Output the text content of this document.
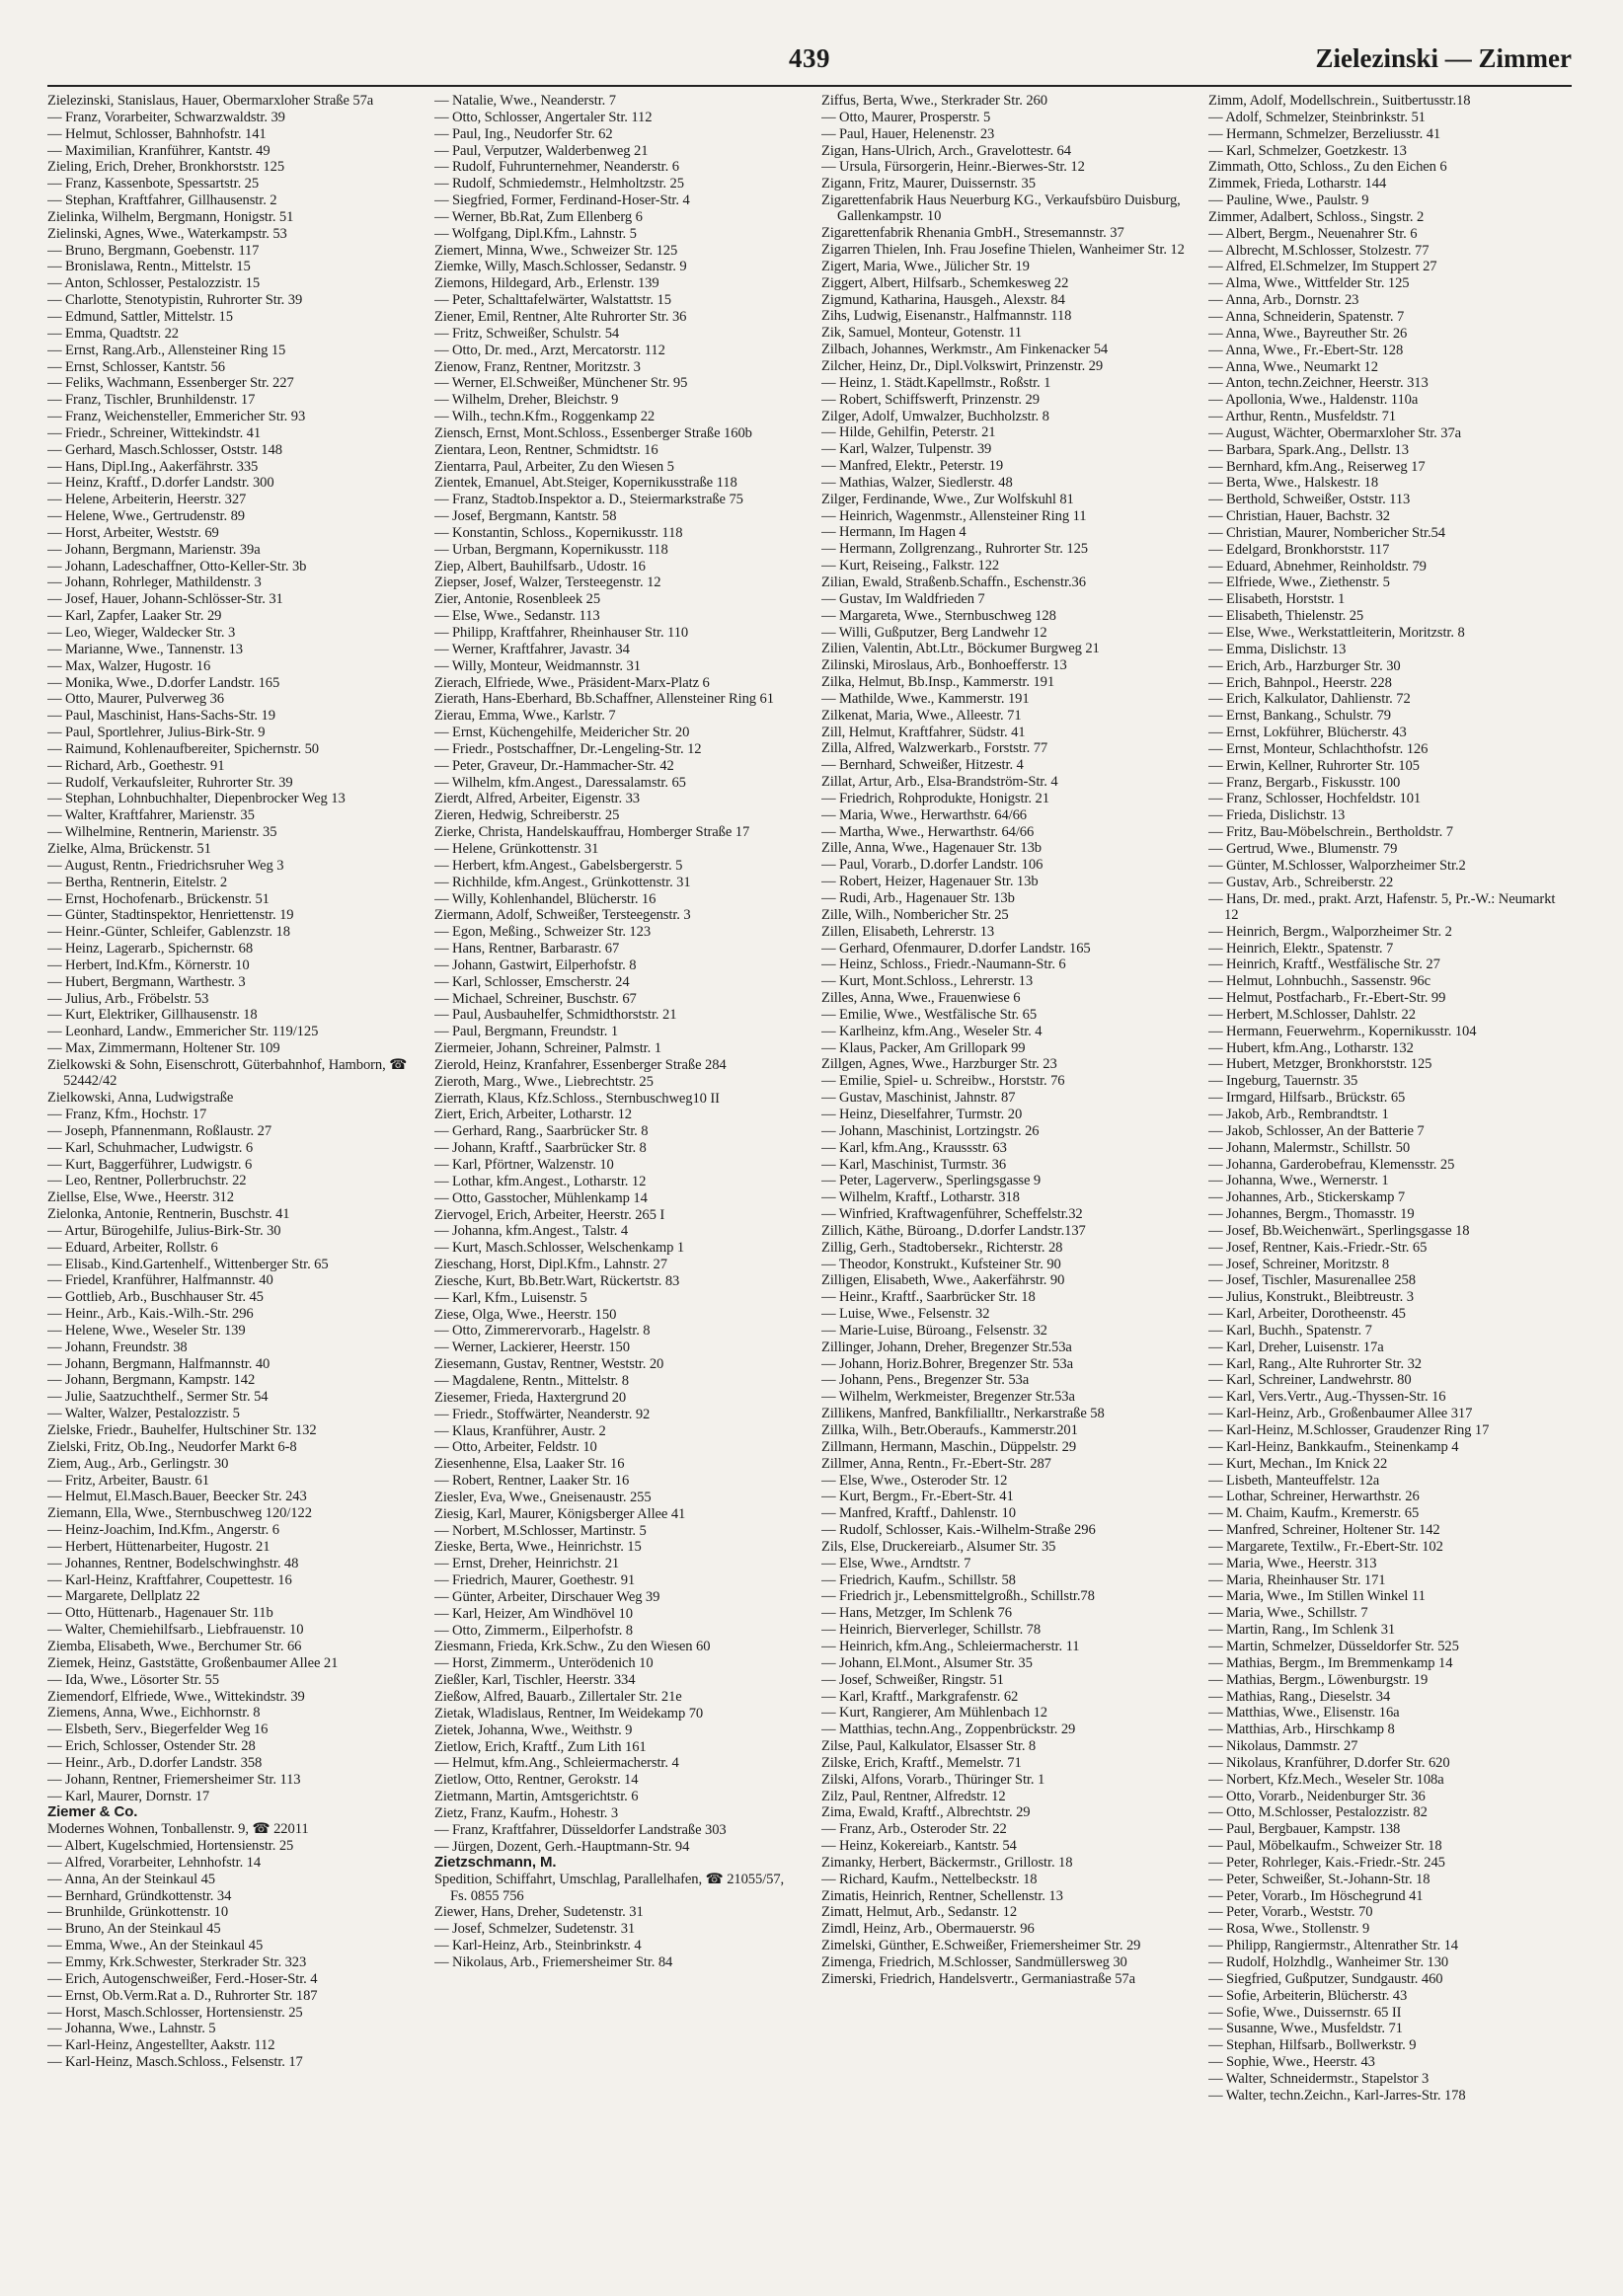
439	Zielezinski — Zimmer
Zielezinski, Stanislaus, Hauer, Obermarxloher Straße 57a
— Franz, Vorarbeiter, Schwarzwaldstr. 39
— Helmut, Schlosser, Bahnhofstr. 141
— Maximilian, Kranführer, Kantstr. 49
Zieling, Erich, Dreher, Bronkhorststr. 125
— Franz, Kassenbote, Spessartstr. 25
— Stephan, Kraftfahrer, Gillhausenstr. 2
Zielinka, Wilhelm, Bergmann, Honigstr. 51
Zielinski, Agnes, Wwe., Waterkampstr. 53
— Bruno, Bergmann, Goebenstr. 117
— Bronislawa, Rentn., Mittelstr. 15
— Anton, Schlosser, Pestalozzistr. 15
— Charlotte, Stenotypistin, Ruhrorter Str. 39
— Edmund, Sattler, Mittelstr. 15
— Emma, Quadtstr. 22
— Ernst, Rang.Arb., Allensteiner Ring 15
— Ernst, Schlosser, Kantstr. 56
— Feliks, Wachmann, Essenberger Str. 227
— Franz, Tischler, Brunhildenstr. 17
— Franz, Weichensteller, Emmericher Str. 93
— Friedr., Schreiner, Wittekindstr. 41
— Gerhard, Masch.Schlosser, Oststr. 148
— Hans, Dipl.Ing., Aakerfährstr. 335
— Heinz, Kraftf., D.dorfer Landstr. 300
— Helene, Arbeiterin, Heerstr. 327
— Helene, Wwe., Gertrudenstr. 89
— Horst, Arbeiter, Weststr. 69
— Johann, Bergmann, Marienstr. 39a
— Johann, Ladeschaffner, Otto-Keller-Str. 3b
— Johann, Rohrleger, Mathildenstr. 3
— Josef, Hauer, Johann-Schlösser-Str. 31
— Karl, Zapfer, Laaker Str. 29
— Leo, Wieger, Waldecker Str. 3
— Marianne, Wwe., Tannenstr. 13
— Max, Walzer, Hugostr. 16
— Monika, Wwe., D.dorfer Landstr. 165
— Otto, Maurer, Pulverweg 36
— Paul, Maschinist, Hans-Sachs-Str. 19
— Paul, Sportlehrer, Julius-Birk-Str. 9
— Raimund, Kohlenaufbereiter, Spichernstr. 50
— Richard, Arb., Goethestr. 91
— Rudolf, Verkaufsleiter, Ruhrorter Str. 39
— Stephan, Lohnbuchhalter, Diepenbrocker Weg 13
— Walter, Kraftfahrer, Marienstr. 35
— Wilhelmine, Rentnerin, Marienstr. 35
Zielke, Alma, Brückenstr. 51
— August, Rentn., Friedrichsruher Weg 3
— Bertha, Rentnerin, Eitelstr. 2
— Ernst, Hochofenarb., Brückenstr. 51
— Günter, Stadtinspektor, Henriettenstr. 19
— Heinr.-Günter, Schleifer, Gablenzstr. 18
— Heinz, Lagerarb., Spichernstr. 68
— Herbert, Ind.Kfm., Körnerstr. 10
— Hubert, Bergmann, Warthestr. 3
— Julius, Arb., Fröbelstr. 53
— Kurt, Elektriker, Gillhausenstr. 18
— Leonhard, Landw., Emmericher Str. 119/125
— Max, Zimmermann, Holtener Str. 109
Zielkowski & Sohn, Eisenschrott, Güterbahnhof, Hamborn, ☎ 52442/42
Zielkowski, Anna, Ludwigstraße
— Franz, Kfm., Hochstr. 17
— Joseph, Pfannenmann, Roßlaustr. 27
— Karl, Schuhmacher, Ludwigstr. 6
— Kurt, Baggerführer, Ludwigstr. 6
— Leo, Rentner, Pollerbruchstr. 22
Ziellse, Else, Wwe., Heerstr. 312
Zielonka, Antonie, Rentnerin, Buschstr. 41
— Artur, Bürogehilfe, Julius-Birk-Str. 30
— Eduard, Arbeiter, Rollstr. 6
— Elisab., Kind.Gartenhelf., Wittenberger Str. 65
— Friedel, Kranführer, Halfmannstr. 40
— Gottlieb, Arb., Buschhauser Str. 45
— Heinr., Arb., Kais.-Wilh.-Str. 296
— Helene, Wwe., Weseler Str. 139
— Johann, Freundstr. 38
— Johann, Bergmann, Halfmannstr. 40
— Johann, Bergmann, Kampstr. 142
— Julie, Saatzuchthelf., Sermer Str. 54
— Walter, Walzer, Pestalozzistr. 5
Zielske, Friedr., Bauhelfer, Hultschiner Str. 132
Zielski, Fritz, Ob.Ing., Neudorfer Markt 6-8
Ziem, Aug., Arb., Gerlingstr. 30
— Fritz, Arbeiter, Baustr. 61
— Helmut, El.Masch.Bauer, Beecker Str. 243
Ziemann, Ella, Wwe., Sternbuschweg 120/122
— Heinz-Joachim, Ind.Kfm., Angerstr. 6
— Herbert, Hüttenarbeiter, Hugostr. 21
— Johannes, Rentner, Bodelschwinghstr. 48
— Karl-Heinz, Kraftfahrer, Coupettestr. 16
— Margarete, Dellplatz 22
— Otto, Hüttenarb., Hagenauer Str. 11b
— Walter, Chemiehilfsarb., Liebfrauenstr. 10
Ziemba, Elisabeth, Wwe., Berchumer Str. 66
Ziemek, Heinz, Gaststätte, Großenbaumer Allee 21
— Ida, Wwe., Lösorter Str. 55
Ziemendorf, Elfriede, Wwe., Wittekindstr. 39
Ziemens, Anna, Wwe., Eichhornstr. 8
— Elsbeth, Serv., Biegerfelder Weg 16
— Erich, Schlosser, Ostender Str. 28
— Heinr., Arb., D.dorfer Landstr. 358
— Johann, Rentner, Friemersheimer Str. 113
— Karl, Maurer, Dornstr. 17
Ziemer & Co.
Modernes Wohnen, Tonballenstr. 9, ☎ 22011
— Albert, Kugelschmied, Hortensienstr. 25
— Alfred, Vorarbeiter, Lehnhofstr. 14
— Anna, An der Steinkaul 45
— Bernhard, Gründkottenstr. 34
— Brunhilde, Grünkottenstr. 10
— Bruno, An der Steinkaul 45
— Emma, Wwe., An der Steinkaul 45
— Emmy, Krk.Schwester, Sterkrader Str. 323
— Erich, Autogenschweißer, Ferd.-Hoser-Str. 4
— Ernst, Ob.Verm.Rat a. D., Ruhrorter Str. 187
— Horst, Masch.Schlosser, Hortensienstr. 25
— Johanna, Wwe., Lahnstr. 5
— Karl-Heinz, Angestellter, Aakstr. 112
— Karl-Heinz, Masch.Schloss., Felsenstr. 17
— Natalie, Wwe., Neanderstr. 7
— Otto, Schlosser, Angertaler Str. 112
— Paul, Ing., Neudorfer Str. 62
— Paul, Verputzer, Walderbenweg 21
— Rudolf, Fuhrunternehmer, Neanderstr. 6
— Rudolf, Schmiedemstr., Helmholtzstr. 25
— Siegfried, Former, Ferdinand-Hoser-Str. 4
— Werner, Bb.Rat, Zum Ellenberg 6
— Wolfgang, Dipl.Kfm., Lahnstr. 5
Ziemert, Minna, Wwe., Schweizer Str. 125
Ziemke, Willy, Masch.Schlosser, Sedanstr. 9
Ziemons, Hildegard, Arb., Erlenstr. 139
— Peter, Schalttafelwärter, Walstattstr. 15
Ziener, Emil, Rentner, Alte Ruhrorter Str. 36
— Fritz, Schweißer, Schulstr. 54
— Otto, Dr. med., Arzt, Mercatorstr. 112
Zienow, Franz, Rentner, Moritzstr. 3
— Werner, El.Schweißer, Münchener Str. 95
— Wilhelm, Dreher, Bleichstr. 9
— Wilh., techn.Kfm., Roggenkamp 22
Ziensch, Ernst, Mont.Schloss., Essenberger Straße 160b
Zientara, Leon, Rentner, Schmidtstr. 16
Zientarra, Paul, Arbeiter, Zu den Wiesen 5
Zientek, Emanuel, Abt.Steiger, Kopernikusstraße 118
— Franz, Stadtob.Inspektor a. D., Steiermarkstraße 75
— Josef, Bergmann, Kantstr. 58
— Konstantin, Schloss., Kopernikusstr. 118
— Urban, Bergmann, Kopernikusstr. 118
Ziep, Albert, Bauhilfsarb., Udostr. 16
Ziepser, Josef, Walzer, Tersteegenstr. 12
Zier, Antonie, Rosenbleek 25
— Else, Wwe., Sedanstr. 113
— Philipp, Kraftfahrer, Rheinhauser Str. 110
— Werner, Kraftfahrer, Javastr. 34
— Willy, Monteur, Weidmannstr. 31
Zierach, Elfriede, Wwe., Präsident-Marx-Platz 6
Zierath, Hans-Eberhard, Bb.Schaffner, Allensteiner Ring 61
Zierau, Emma, Wwe., Karlstr. 7
— Ernst, Küchengehilfe, Meidericher Str. 20
— Friedr., Postschaffner, Dr.-Lengeling-Str. 12
— Peter, Graveur, Dr.-Hammacher-Str. 42
— Wilhelm, kfm.Angest., Daressalamstr. 65
Zierdt, Alfred, Arbeiter, Eigenstr. 33
Zieren, Hedwig, Schreiberstr. 25
Zierke, Christa, Handelskauffrau, Homberger Straße 17
— Helene, Grünkottenstr. 31
— Herbert, kfm.Angest., Gabelsbergerstr. 5
— Richhilde, kfm.Angest., Grünkottenstr. 31
— Willy, Kohlenhandel, Blücherstr. 16
Ziermann, Adolf, Schweißer, Tersteegenstr. 3
— Egon, Meßing., Schweizer Str. 123
— Hans, Rentner, Barbarastr. 67
— Johann, Gastwirt, Eilperhofstr. 8
— Karl, Schlosser, Emscherstr. 24
— Michael, Schreiner, Buschstr. 67
— Paul, Ausbauhelfer, Schmidthorststr. 21
— Paul, Bergmann, Freundstr. 1
Ziermeier, Johann, Schreiner, Palmstr. 1
Zierold, Heinz, Kranfahrer, Essenberger Straße 284
Zieroth, Marg., Wwe., Liebrechtstr. 25
Zierrath, Klaus, Kfz.Schloss., Sternbuschweg10 II
Ziert, Erich, Arbeiter, Lotharstr. 12
— Gerhard, Rang., Saarbrücker Str. 8
— Johann, Kraftf., Saarbrücker Str. 8
— Karl, Pförtner, Walzenstr. 10
— Lothar, kfm.Angest., Lotharstr. 12
— Otto, Gasstocher, Mühlenkamp 14
Ziervogel, Erich, Arbeiter, Heerstr. 265 I
— Johanna, kfm.Angest., Talstr. 4
— Kurt, Masch.Schlosser, Welschenkamp 1
Zieschang, Horst, Dipl.Kfm., Lahnstr. 27
Ziesche, Kurt, Bb.Betr.Wart, Rückertstr. 83
— Karl, Kfm., Luisenstr. 5
Ziese, Olga, Wwe., Heerstr. 150
— Otto, Zimmerervorarb., Hagelstr. 8
— Werner, Lackierer, Heerstr. 150
Ziesemann, Gustav, Rentner, Weststr. 20
— Magdalene, Rentn., Mittelstr. 8
Ziesemer, Frieda, Haxtergrund 20
— Friedr., Stoffwärter, Neanderstr. 92
— Klaus, Kranführer, Austr. 2
— Otto, Arbeiter, Feldstr. 10
Ziesenhenne, Elsa, Laaker Str. 16
— Robert, Rentner, Laaker Str. 16
Ziesler, Eva, Wwe., Gneisenaustr. 255
Ziesig, Karl, Maurer, Königsberger Allee 41
— Norbert, M.Schlosser, Martinstr. 5
Zieske, Berta, Wwe., Heinrichstr. 15
— Ernst, Dreher, Heinrichstr. 21
— Friedrich, Maurer, Goethestr. 91
— Günter, Arbeiter, Dirschauer Weg 39
— Karl, Heizer, Am Windhövel 10
— Otto, Zimmerm., Eilperhofstr. 8
Ziesmann, Frieda, Krk.Schw., Zu den Wiesen 60
— Horst, Zimmerm., Unterödenich 10
Zießler, Karl, Tischler, Heerstr. 334
Zießow, Alfred, Bauarb., Zillertaler Str. 21e
Zietak, Wladislaus, Rentner, Im Weidekamp 70
Zietek, Johanna, Wwe., Weithstr. 9
Zietlow, Erich, Kraftf., Zum Lith 161
— Helmut, kfm.Ang., Schleiermacherstr. 4
Zietlow, Otto, Rentner, Gerokstr. 14
Zietmann, Martin, Amtsgerichtstr. 6
Zietz, Franz, Kaufm., Hohestr. 3
— Franz, Kraftfahrer, Düsseldorfer Landstraße 303
— Jürgen, Dozent, Gerh.-Hauptmann-Str. 94
Zietzschmann, M.
Spedition, Schiffahrt, Umschlag, Parallelhafen, ☎ 21055/57, Fs. 0855 756
Ziewer, Hans, Dreher, Sudetenstr. 31
— Josef, Schmelzer, Sudetenstr. 31
— Karl-Heinz, Arb., Steinbrinkstr. 4
— Nikolaus, Arb., Friemersheimer Str. 84
Ziffus, Berta, Wwe., Sterkrader Str. 260
— Otto, Maurer, Prosperstr. 5
— Paul, Hauer, Helenenstr. 23
Zigan, Hans-Ulrich, Arch., Gravelottestr. 64
— Ursula, Fürsorgerin, Heinr.-Bierwes-Str. 12
Zigann, Fritz, Maurer, Duissernstr. 35
Zigarettenfabrik Haus Neuerburg KG., Verkaufsbüro Duisburg, Gallenkampstr. 10
Zigarettenfabrik Rhenania GmbH., Stresemannstr. 37
Zigarren Thielen, Inh. Frau Josefine Thielen, Wanheimer Str. 12
Zigert, Maria, Wwe., Jülicher Str. 19
Ziggert, Albert, Hilfsarb., Schemkesweg 22
Zigmund, Katharina, Hausgeh., Alexstr. 84
Zihs, Ludwig, Eisenanstr., Halfmannstr. 118
Zik, Samuel, Monteur, Gotenstr. 11
Zilbach, Johannes, Werkmstr., Am Finkenacker 54
Zilcher, Heinz, Dr., Dipl.Volkswirt, Prinzenstr. 29
— Heinz, 1. Städt.Kapellmstr., Roßstr. 1
— Robert, Schiffswerft, Prinzenstr. 29
Zilger, Adolf, Umwalzer, Buchholzstr. 8
— Hilde, Gehilfin, Peterstr. 21
— Karl, Walzer, Tulpenstr. 39
— Manfred, Elektr., Peterstr. 19
— Mathias, Walzer, Siedlerstr. 48
Zilger, Ferdinande, Wwe., Zur Wolfskuhl 81
— Heinrich, Wagenmstr., Allensteiner Ring 11
— Hermann, Im Hagen 4
— Hermann, Zollgrenzang., Ruhrorter Str. 125
— Kurt, Reiseing., Falkstr. 122
Zilian, Ewald, Straßenb.Schaffn., Eschenstr.36
— Gustav, Im Waldfrieden 7
— Margareta, Wwe., Sternbuschweg 128
— Willi, Gußputzer, Berg Landwehr 12
Zilien, Valentin, Abt.Ltr., Böckumer Burgweg 21
Zilinski, Miroslaus, Arb., Bonhoefferstr. 13
Zilka, Helmut, Bb.Insp., Kammerstr. 191
— Mathilde, Wwe., Kammerstr. 191
Zilkenat, Maria, Wwe., Alleestr. 71
Zill, Helmut, Kraftfahrer, Südstr. 41
Zilla, Alfred, Walzwerkarb., Forststr. 77
— Bernhard, Schweißer, Hitzestr. 4
Zillat, Artur, Arb., Elsa-Brandström-Str. 4
— Friedrich, Rohprodukte, Honigstr. 21
— Maria, Wwe., Herwarthstr. 64/66
— Martha, Wwe., Herwarthstr. 64/66
Zille, Anna, Wwe., Hagenauer Str. 13b
— Paul, Vorarb., D.dorfer Landstr. 106
— Robert, Heizer, Hagenauer Str. 13b
— Rudi, Arb., Hagenauer Str. 13b
Zille, Wilh., Nombericher Str. 25
Zillen, Elisabeth, Lehrerstr. 13
— Gerhard, Ofenmaurer, D.dorfer Landstr. 165
— Heinz, Schloss., Friedr.-Naumann-Str. 6
— Kurt, Mont.Schloss., Lehrerstr. 13
Zilles, Anna, Wwe., Frauenwiese 6
— Emilie, Wwe., Westfälische Str. 65
— Karlheinz, kfm.Ang., Weseler Str. 4
— Klaus, Packer, Am Grillopark 99
Zillgen, Agnes, Wwe., Harzburger Str. 23
— Emilie, Spiel- u. Schreibw., Horststr. 76
— Gustav, Maschinist, Jahnstr. 87
— Heinz, Dieselfahrer, Turmstr. 20
— Johann, Maschinist, Lortzingstr. 26
— Karl, kfm.Ang., Kraussstr. 63
— Karl, Maschinist, Turmstr. 36
— Peter, Lagerverw., Sperlingsgasse 9
— Wilhelm, Kraftf., Lotharstr. 318
— Winfried, Kraftwagenführer, Scheffelstr.32
Zillich, Käthe, Büroang., D.dorfer Landstr.137
Zillig, Gerh., Stadtobersekr., Richterstr. 28
— Theodor, Konstrukt., Kufsteiner Str. 90
Zilligen, Elisabeth, Wwe., Aakerfährstr. 90
— Heinr., Kraftf., Saarbrücker Str. 18
— Luise, Wwe., Felsenstr. 32
— Marie-Luise, Büroang., Felsenstr. 32
Zillinger, Johann, Dreher, Bregenzer Str.53a
— Johann, Horiz.Bohrer, Bregenzer Str. 53a
— Johann, Pens., Bregenzer Str. 53a
— Wilhelm, Werkmeister, Bregenzer Str.53a
Zillikens, Manfred, Bankfilialltr., Nerkarstraße 58
Zillka, Wilh., Betr.Oberaufs., Kammerstr.201
Zillmann, Hermann, Maschin., Düppelstr. 29
Zillmer, Anna, Rentn., Fr.-Ebert-Str. 287
— Else, Wwe., Osteroder Str. 12
— Kurt, Bergm., Fr.-Ebert-Str. 41
— Manfred, Kraftf., Dahlenstr. 10
— Rudolf, Schlosser, Kais.-Wilhelm-Straße 296
Zils, Else, Druckereiarb., Alsumer Str. 35
— Else, Wwe., Arndtstr. 7
— Friedrich, Kaufm., Schillstr. 58
— Friedrich jr., Lebensmittelgroßh., Schillstr.78
— Hans, Metzger, Im Schlenk 76
— Heinrich, Bierverleger, Schillstr. 78
— Heinrich, kfm.Ang., Schleiermacherstr. 11
— Johann, El.Mont., Alsumer Str. 35
— Josef, Schweißer, Ringstr. 51
— Karl, Kraftf., Markgrafenstr. 62
— Kurt, Rangierer, Am Mühlenbach 12
— Matthias, techn.Ang., Zoppenbrückstr. 29
Zilse, Paul, Kalkulator, Elsasser Str. 8
Zilske, Erich, Kraftf., Memelstr. 71
Zilski, Alfons, Vorarb., Thüringer Str. 1
Zilz, Paul, Rentner, Alfredstr. 12
Zima, Ewald, Kraftf., Albrechtstr. 29
— Franz, Arb., Osteroder Str. 22
— Heinz, Kokereiarb., Kantstr. 54
Zimanky, Herbert, Bäckermstr., Grillostr. 18
— Richard, Kaufm., Nettelbeckstr. 18
Zimatis, Heinrich, Rentner, Schellenstr. 13
Zimatt, Helmut, Arb., Sedanstr. 12
Zimdl, Heinz, Arb., Obermauerstr. 96
Zimelski, Günther, E.Schweißer, Friemersheimer Str. 29
Zimenga, Friedrich, M.Schlosser, Sandmüllersweg 30
Zimerski, Friedrich, Handelsvertr., Germaniastraße 57a
Zimm, Adolf, Modellschrein., Suitbertusstr.18
— Adolf, Schmelzer, Steinbrinkstr. 51
— Hermann, Schmelzer, Berzeliusstr. 41
— Karl, Schmelzer, Goetzkestr. 13
Zimmath, Otto, Schloss., Zu den Eichen 6
Zimmek, Frieda, Lotharstr. 144
— Pauline, Wwe., Paulstr. 9
Zimmer, Adalbert, Schloss., Singstr. 2
— Albert, Bergm., Neuenahrer Str. 6
— Albrecht, M.Schlosser, Stolzestr. 77
— Alfred, El.Schmelzer, Im Stuppert 27
— Alma, Wwe., Wittfelder Str. 125
— Anna, Arb., Dornstr. 23
— Anna, Schneiderin, Spatenstr. 7
— Anna, Wwe., Bayreuther Str. 26
— Anna, Wwe., Fr.-Ebert-Str. 128
— Anna, Wwe., Neumarkt 12
— Anton, techn.Zeichner, Heerstr. 313
— Apollonia, Wwe., Haldenstr. 110a
— Arthur, Rentn., Musfeldstr. 71
— August, Wächter, Obermarxloher Str. 37a
— Barbara, Spark.Ang., Dellstr. 13
— Bernhard, kfm.Ang., Reiserweg 17
— Berta, Wwe., Halskestr. 18
— Berthold, Schweißer, Oststr. 113
— Christian, Hauer, Bachstr. 32
— Christian, Maurer, Nombericher Str.54
— Edelgard, Bronkhorststr. 117
— Eduard, Abnehmer, Reinholdstr. 79
— Elfriede, Wwe., Ziethenstr. 5
— Elisabeth, Horststr. 1
— Elisabeth, Thielenstr. 25
— Else, Wwe., Werkstattleiterin, Moritzstr. 8
— Emma, Dislichstr. 13
— Erich, Arb., Harzburger Str. 30
— Erich, Bahnpol., Heerstr. 228
— Erich, Kalkulator, Dahlienstr. 72
— Ernst, Bankang., Schulstr. 79
— Ernst, Lokführer, Blücherstr. 43
— Ernst, Monteur, Schlachthofstr. 126
— Erwin, Kellner, Ruhrorter Str. 105
— Franz, Bergarb., Fiskusstr. 100
— Franz, Schlosser, Hochfeldstr. 101
— Frieda, Dislichstr. 13
— Fritz, Bau-Möbelschrein., Bertholdstr. 7
— Gertrud, Wwe., Blumenstr. 79
— Günter, M.Schlosser, Walporzheimer Str.2
— Gustav, Arb., Schreiberstr. 22
— Hans, Dr. med., prakt. Arzt, Hafenstr. 5, Pr.-W.: Neumarkt 12
— Heinrich, Bergm., Walporzheimer Str. 2
— Heinrich, Elektr., Spatenstr. 7
— Heinrich, Kraftf., Westfälische Str. 27
— Helmut, Lohnbuchh., Sassenstr. 96c
— Helmut, Postfacharb., Fr.-Ebert-Str. 99
— Herbert, M.Schlosser, Dahlstr. 22
— Hermann, Feuerwehrm., Kopernikusstr. 104
— Hubert, kfm.Ang., Lotharstr. 132
— Hubert, Metzger, Bronkhorststr. 125
— Ingeburg, Tauernstr. 35
— Irmgard, Hilfsarb., Brückstr. 65
— Jakob, Arb., Rembrandtstr. 1
— Jakob, Schlosser, An der Batterie 7
— Johann, Malermstr., Schillstr. 50
— Johanna, Garderobefrau, Klemensstr. 25
— Johanna, Wwe., Wernerstr. 1
— Johannes, Arb., Stickerskamp 7
— Johannes, Bergm., Thomasstr. 19
— Josef, Bb.Weichenwärt., Sperlingsgasse 18
— Josef, Rentner, Kais.-Friedr.-Str. 65
— Josef, Schreiner, Moritzstr. 8
— Josef, Tischler, Masurenallee 258
— Julius, Konstrukt., Bleibtreustr. 3
— Karl, Arbeiter, Dorotheenstr. 45
— Karl, Buchh., Spatenstr. 7
— Karl, Dreher, Luisenstr. 17a
— Karl, Rang., Alte Ruhrorter Str. 32
— Karl, Schreiner, Landwehrstr. 80
— Karl, Vers.Vertr., Aug.-Thyssen-Str. 16
— Karl-Heinz, Arb., Großenbaumer Allee 317
— Karl-Heinz, M.Schlosser, Graudenzer Ring 17
— Karl-Heinz, Bankkaufm., Steinenkamp 4
— Kurt, Mechan., Im Knick 22
— Lisbeth, Manteuffelstr. 12a
— Lothar, Schreiner, Herwarthstr. 26
— M. Chaim, Kaufm., Kremerstr. 65
— Manfred, Schreiner, Holtener Str. 142
— Margarete, Textilw., Fr.-Ebert-Str. 102
— Maria, Wwe., Heerstr. 313
— Maria, Rheinhauser Str. 171
— Maria, Wwe., Im Stillen Winkel 11
— Maria, Wwe., Schillstr. 7
— Martin, Rang., Im Schlenk 31
— Martin, Schmelzer, Düsseldorfer Str. 525
— Mathias, Bergm., Im Bremmenkamp 14
— Mathias, Bergm., Löwenburgstr. 19
— Mathias, Rang., Dieselstr. 34
— Matthias, Wwe., Elisenstr. 16a
— Matthias, Arb., Hirschkamp 8
— Nikolaus, Dammstr. 27
— Nikolaus, Kranführer, D.dorfer Str. 620
— Norbert, Kfz.Mech., Weseler Str. 108a
— Otto, Vorarb., Neidenburger Str. 36
— Otto, M.Schlosser, Pestalozzistr. 82
— Paul, Bergbauer, Kampstr. 138
— Paul, Möbelkaufm., Schweizer Str. 18
— Peter, Rohrleger, Kais.-Friedr.-Str. 245
— Peter, Schweißer, St.-Johann-Str. 18
— Peter, Vorarb., Im Höschegrund 41
— Peter, Vorarb., Weststr. 70
— Rosa, Wwe., Stollenstr. 9
— Philipp, Rangiermstr., Altenrather Str. 14
— Rudolf, Holzhdlg., Wanheimer Str. 130
— Siegfried, Gußputzer, Sundgaustr. 460
— Sofie, Arbeiterin, Blücherstr. 43
— Sofie, Wwe., Duissernstr. 65 II
— Susanne, Wwe., Musfeldstr. 71
— Stephan, Hilfsarb., Bollwerkstr. 9
— Sophie, Wwe., Heerstr. 43
— Walter, Schneidermstr., Stapelstor 3
— Walter, techn.Zeichn., Karl-Jarres-Str. 178
